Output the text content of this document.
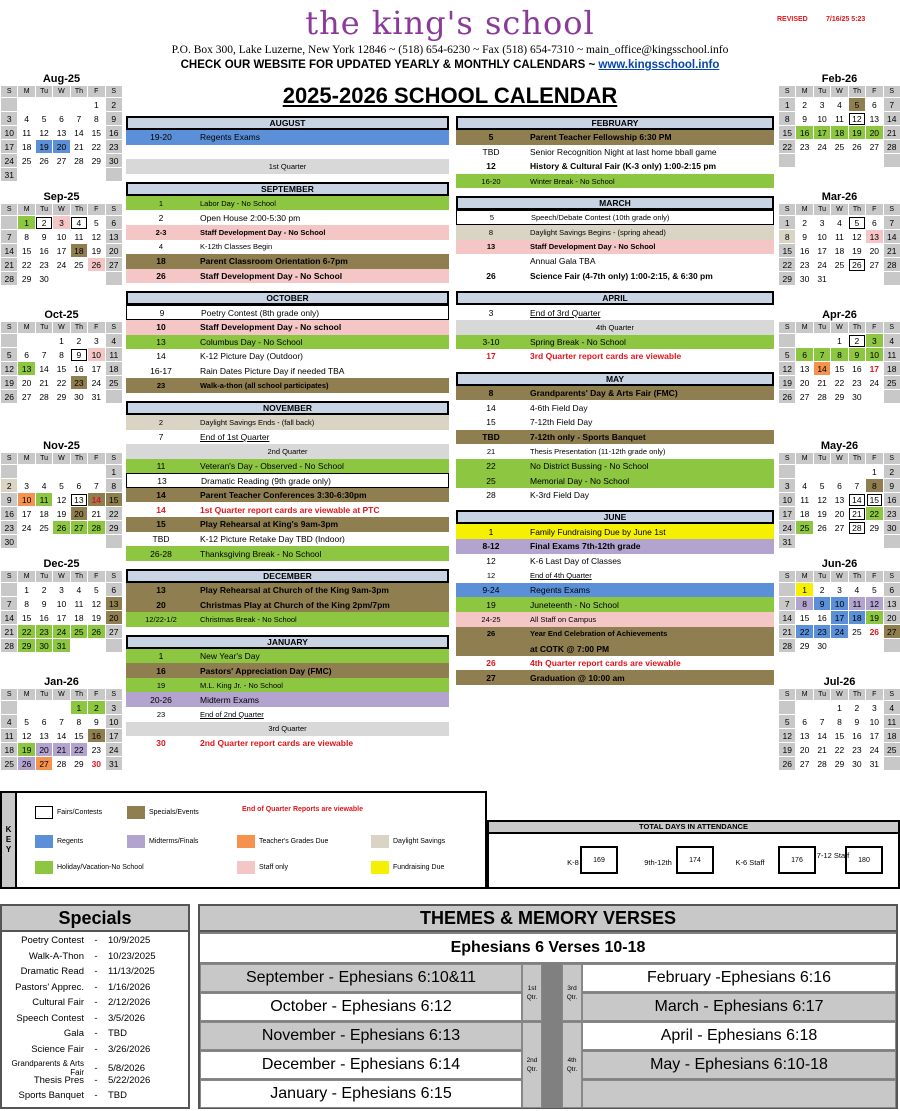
the king's school	REVISED	7/16/25 5:23
P.O. Box 300, Lake Luzerne, New York 12846 ~ (518) 654-6230 ~ Fax (518) 654-7310 ~ main_office@kingsschool.info
CHECK OUR WEBSITE FOR UPDATED YEARLY & MONTHLY CALENDARS ~ www.kingsschool.info
2025-2026 SCHOOL CALENDAR
Aug-25
S	M	Tu	W	Th	F	S
					1	2
3	4	5	6	7	8	9
10	11	12	13	14	15	16
17	18	19	20	21	22	23
24	25	26	27	28	29	30
31						
Sep-25
S	M	Tu	W	Th	F	S
	1	2	3	4	5	6
7	8	9	10	11	12	13
14	15	16	17	18	19	20
21	22	23	24	25	26	27
28	29	30				
Oct-25
S	M	Tu	W	Th	F	S
			1	2	3	4
5	6	7	8	9	10	11
12	13	14	15	16	17	18
19	20	21	22	23	24	25
26	27	28	29	30	31	
Nov-25
S	M	Tu	W	Th	F	S
						1
2	3	4	5	6	7	8
9	10	11	12	13	14	15
16	17	18	19	20	21	22
23	24	25	26	27	28	29
30						
Dec-25
S	M	Tu	W	Th	F	S
	1	2	3	4	5	6
7	8	9	10	11	12	13
14	15	16	17	18	19	20
21	22	23	24	25	26	27
28	29	30	31			
Jan-26
S	M	Tu	W	Th	F	S
				1	2	3
4	5	6	7	8	9	10
11	12	13	14	15	16	17
18	19	20	21	22	23	24
25	26	27	28	29	30	31
Feb-26
S	M	Tu	W	Th	F	S
1	2	3	4	5	6	7
8	9	10	11	12	13	14
15	16	17	18	19	20	21
22	23	24	25	26	27	28

Mar-26
S	M	Tu	W	Th	F	S
1	2	3	4	5	6	7
8	9	10	11	12	13	14
15	16	17	18	19	20	21
22	23	24	25	26	27	28
29	30	31				
Apr-26
S	M	Tu	W	Th	F	S
			1	2	3	4
5	6	7	8	9	10	11
12	13	14	15	16	17	18
19	20	21	22	23	24	25
26	27	28	29	30		
May-26
S	M	Tu	W	Th	F	S
					1	2
3	4	5	6	7	8	9
10	11	12	13	14	15	16
17	18	19	20	21	22	23
24	25	26	27	28	29	30
31						
Jun-26
S	M	Tu	W	Th	F	S
	1	2	3	4	5	6
7	8	9	10	11	12	13
14	15	16	17	18	19	20
21	22	23	24	25	26	27
28	29	30				
Jul-26
S	M	Tu	W	Th	F	S
			1	2	3	4
5	6	7	8	9	10	11
12	13	14	15	16	17	18
19	20	21	22	23	24	25
26	27	28	29	30	31	
AUGUST
19-20	Regents Exams
1st Quarter
SEPTEMBER
1	Labor Day - No School
2	Open House 2:00-5:30 pm
2-3	Staff Development Day - No School
4	K-12th Classes Begin
18	Parent Classroom Orientation 6-7pm
26	Staff Development Day - No School
OCTOBER
9	Poetry Contest (8th grade only)
10	Staff Development Day - No school
13	Columbus Day - No School
14	K-12 Picture Day (Outdoor)
16-17	Rain Dates Picture Day if needed TBA
23	Walk-a-thon (all school participates)
NOVEMBER
2	Daylight Savings Ends - (fall back)
7	End of 1st Quarter
2nd Quarter
11	Veteran's Day - Observed - No School
13	Dramatic Reading (9th grade only)
14	Parent Teacher Conferences 3:30-6:30pm
14	1st Quarter report cards are viewable at PTC
15	Play Rehearsal at King's 9am-3pm
TBD	K-12 Picture Retake Day TBD (Indoor)
26-28	Thanksgiving Break - No School
DECEMBER
13	Play Rehearsal at Church of the King 9am-3pm
20	Christmas Play at Church of the King 2pm/7pm
12/22-1/2	Christmas Break - No School
JANUARY
1	New Year's Day
16	Pastors' Appreciation Day (FMC)
19	M.L. King Jr. - No School
20-26	Midterm Exams
23	End of 2nd Quarter
3rd Quarter
30	2nd Quarter report cards are viewable
FEBRUARY
5	Parent Teacher Fellowship 6:30 PM
TBD	Senior Recognition Night at last home bball game
12	History & Cultural Fair (K-3 only) 1:00-2:15 pm
16-20	Winter Break - No School
MARCH
5	Speech/Debate Contest (10th grade only)
8	Daylight Savings Begins - (spring ahead)
13	Staff Development Day - No School
Annual Gala TBA
26	Science Fair (4-7th only) 1:00-2:15, & 6:30 pm
APRIL
3	End of 3rd Quarter
4th Quarter
3-10	Spring Break - No School
17	3rd Quarter report cards are viewable
MAY
8	Grandparents' Day & Arts Fair (FMC)
14	4-6th Field Day
15	7-12th Field Day
TBD	7-12th only - Sports Banquet
21	Thesis Presentation (11-12th grade only)
22	No District Bussing - No School
25	Memorial Day - No School
28	K-3rd Field Day
JUNE
1	Family Fundraising Due by June 1st
8-12	Final Exams 7th-12th grade
12	K-6 Last Day of Classes
12	End of 4th Quarter
9-24	Regents Exams
19	Juneteenth - No School
24-25	All Staff on Campus
26	Year End Celebration of Achievements
at COTK @ 7:00 PM
26	4th Quarter report cards are viewable
27	Graduation @ 10:00 am
K
E
Y
TOTAL DAYS IN ATTENDANCE
Specials	THEMES & MEMORY VERSES
Ephesians 6 Verses 10-18
Fairs/Contests	Specials/Events	End of Quarter Reports are viewable
Regents	Midterms/Finals	Teacher's Grades Due	Daylight Savings
Holiday/Vacation-No School	Staff only	Fundraising Due
K-8	169	9th-12th	174	K-6 Staff	176	7-12 Staff	180
Poetry Contest	-	10/9/2025
Walk-A-Thon	-	10/23/2025
Dramatic Read	-	11/13/2025
Pastors' Apprec.	-	1/16/2026
Cultural Fair	-	2/12/2026
Speech Contest	-	3/5/2026
Gala	-	TBD
Science Fair	-	3/26/2026
Grandparents & Arts Fair	-	5/8/2026
Thesis Pres	-	5/22/2026
Sports Banquet	-	TBD
September - Ephesians 6:10&11
October - Ephesians 6:12
November - Ephesians 6:13
December - Ephesians 6:14
January - Ephesians 6:15
February -Ephesians 6:16
March - Ephesians 6:17
April - Ephesians 6:18
May - Ephesians 6:10-18
1st
Qtr.
3rd
Qtr.
2nd
Qtr.
4th
Qtr.
